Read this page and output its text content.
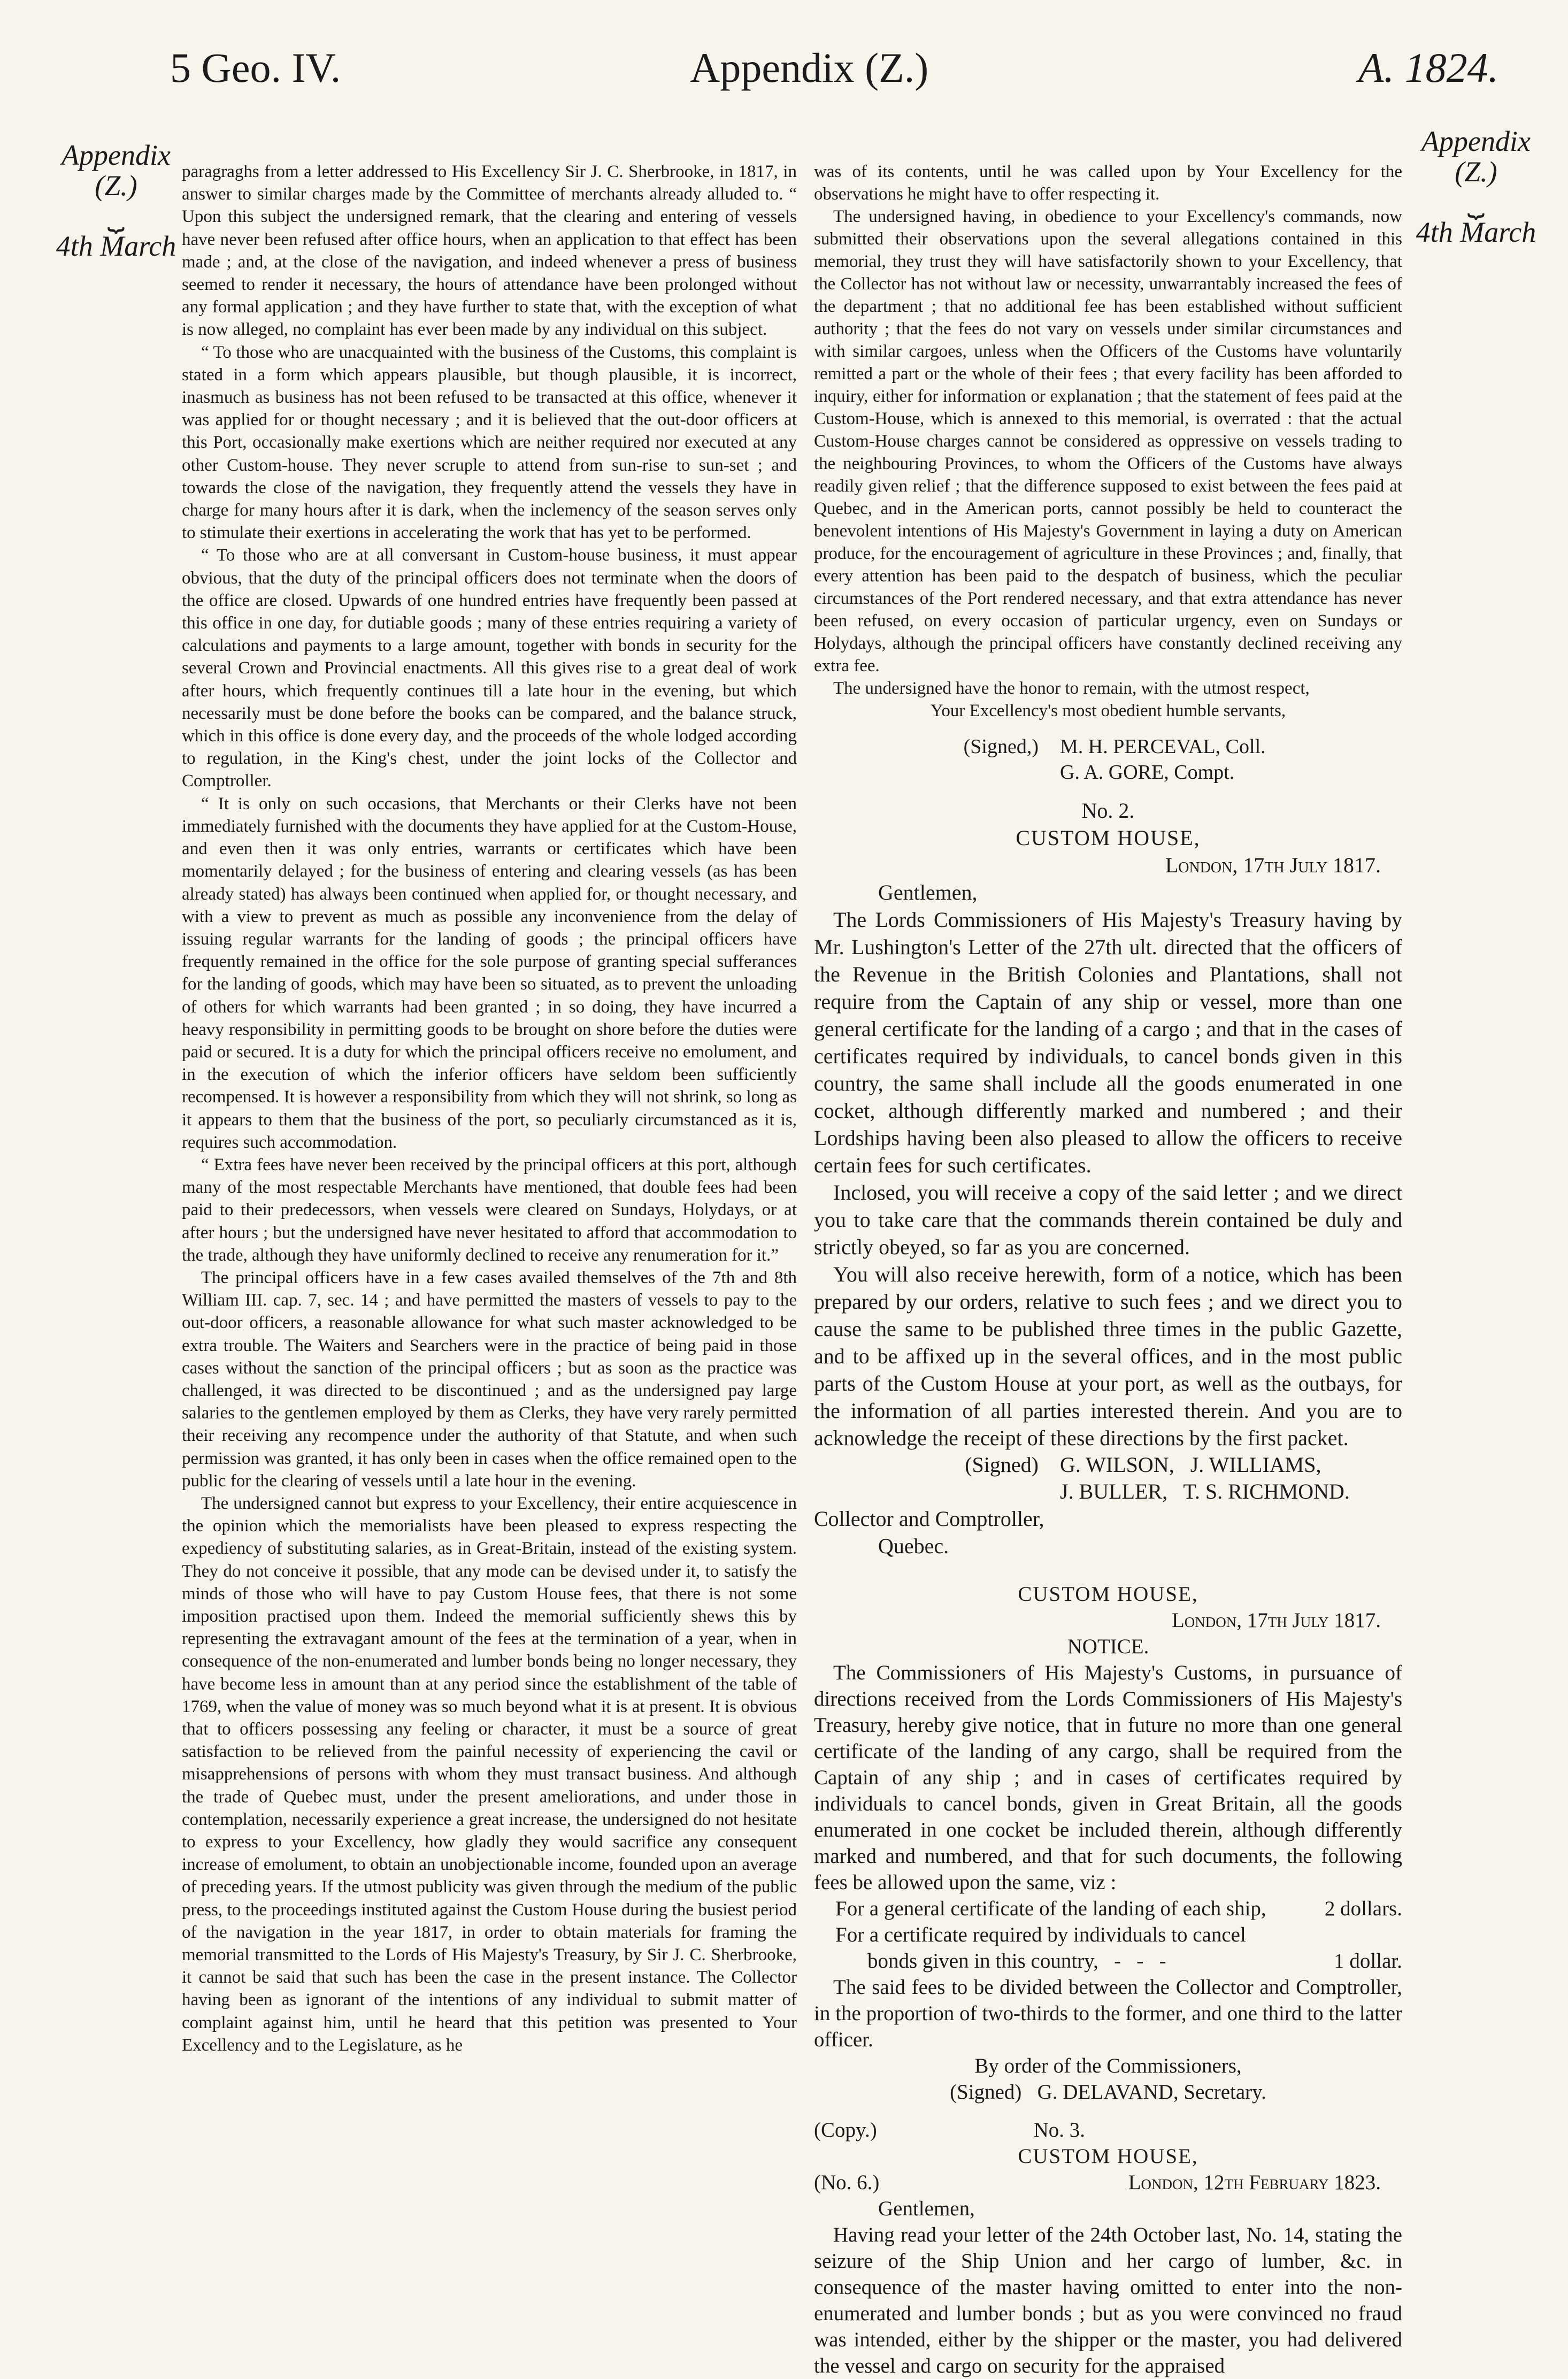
5 Geo. IV.	Appendix (Z.)	A. 1824.
Appendix
(Z.)
⏟
4th March
Appendix
(Z.)
⏟
4th March

paragraghs from a letter addressed to His Excellency Sir J. C. Sherbrooke, in 1817, in answer to similar charges made by the Committee of merchants already alluded to. “ Upon this subject the undersigned remark, that the clearing and entering of vessels have never been refused after office hours, when an application to that effect has been made ; and, at the close of the navigation, and indeed whenever a press of business seemed to render it necessary, the hours of attendance have been prolonged without any formal application ; and they have further to state that, with the exception of what is now alleged, no complaint has ever been made by any individual on this subject.

“ To those who are unacquainted with the business of the Customs, this complaint is stated in a form which appears plausible, but though plausible, it is incorrect, inasmuch as business has not been refused to be transacted at this office, whenever it was applied for or thought necessary ; and it is believed that the out-door officers at this Port, occasionally make exertions which are neither required nor executed at any other Custom-house. They never scruple to attend from sun-rise to sun-set ; and towards the close of the navigation, they frequently attend the vessels they have in charge for many hours after it is dark, when the inclemency of the season serves only to stimulate their exertions in accelerating the work that has yet to be performed.

“ To those who are at all conversant in Custom-house business, it must appear obvious, that the duty of the principal officers does not terminate when the doors of the office are closed. Upwards of one hundred entries have frequently been passed at this office in one day, for dutiable goods ; many of these entries requiring a variety of calculations and payments to a large amount, together with bonds in security for the several Crown and Provincial enactments. All this gives rise to a great deal of work after hours, which frequently continues till a late hour in the evening, but which necessarily must be done before the books can be compared, and the balance struck, which in this office is done every day, and the proceeds of the whole lodged according to regulation, in the King's chest, under the joint locks of the Collector and Comptroller.

“ It is only on such occasions, that Merchants or their Clerks have not been immediately furnished with the documents they have applied for at the Custom-House, and even then it was only entries, warrants or certificates which have been momentarily delayed ; for the business of entering and clearing vessels (as has been already stated) has always been continued when applied for, or thought necessary, and with a view to prevent as much as possible any inconvenience from the delay of issuing regular warrants for the landing of goods ; the principal officers have frequently remained in the office for the sole purpose of granting special sufferances for the landing of goods, which may have been so situated, as to prevent the unloading of others for which warrants had been granted ; in so doing, they have incurred a heavy responsibility in permitting goods to be brought on shore before the duties were paid or secured. It is a duty for which the principal officers receive no emolument, and in the execution of which the inferior officers have seldom been sufficiently recompensed. It is however a responsibility from which they will not shrink, so long as it appears to them that the business of the port, so peculiarly circumstanced as it is, requires such accommodation.

“ Extra fees have never been received by the principal officers at this port, although many of the most respectable Merchants have mentioned, that double fees had been paid to their predecessors, when vessels were cleared on Sundays, Holydays, or at after hours ; but the undersigned have never hesitated to afford that accommodation to the trade, although they have uniformly declined to receive any renumeration for it.”

The principal officers have in a few cases availed themselves of the 7th and 8th William III. cap. 7, sec. 14 ; and have permitted the masters of vessels to pay to the out-door officers, a reasonable allowance for what such master acknowledged to be extra trouble. The Waiters and Searchers were in the practice of being paid in those cases without the sanction of the principal officers ; but as soon as the practice was challenged, it was directed to be discontinued ; and as the undersigned pay large salaries to the gentlemen employed by them as Clerks, they have very rarely permitted their receiving any recompence under the authority of that Statute, and when such permission was granted, it has only been in cases when the office remained open to the public for the clearing of vessels until a late hour in the evening.

The undersigned cannot but express to your Excellency, their entire acquiescence in the opinion which the memorialists have been pleased to express respecting the expediency of substituting salaries, as in Great-Britain, instead of the existing system. They do not conceive it possible, that any mode can be devised under it, to satisfy the minds of those who will have to pay Custom House fees, that there is not some imposition practised upon them. Indeed the memorial sufficiently shews this by representing the extravagant amount of the fees at the termination of a year, when in consequence of the non-enumerated and lumber bonds being no longer necessary, they have become less in amount than at any period since the establishment of the table of 1769, when the value of money was so much beyond what it is at present. It is obvious that to officers possessing any feeling or character, it must be a source of great satisfaction to be relieved from the painful necessity of experiencing the cavil or misapprehensions of persons with whom they must transact business. And although the trade of Quebec must, under the present ameliorations, and under those in contemplation, necessarily experience a great increase, the undersigned do not hesitate to express to your Excellency, how gladly they would sacrifice any consequent increase of emolument, to obtain an unobjectionable income, founded upon an average of preceding years. If the utmost publicity was given through the medium of the public press, to the proceedings instituted against the Custom House during the busiest period of the navigation in the year 1817, in order to obtain materials for framing the memorial transmitted to the Lords of His Majesty's Treasury, by Sir J. C. Sherbrooke, it cannot be said that such has been the case in the present instance. The Collector having been as ignorant of the intentions of any individual to submit matter of complaint against him, until he heard that this petition was presented to Your Excellency and to the Legislature, as he

was of its contents, until he was called upon by Your Excellency for the observations he might have to offer respecting it.

The undersigned having, in obedience to your Excellency's commands, now submitted their observations upon the several allegations contained in this memorial, they trust they will have satisfactorily shown to your Excellency, that the Collector has not without law or necessity, unwarrantably increased the fees of the department ; that no additional fee has been established without sufficient authority ; that the fees do not vary on vessels under similar circumstances and with similar cargoes, unless when the Officers of the Customs have voluntarily remitted a part or the whole of their fees ; that every facility has been afforded to inquiry, either for information or explanation ; that the statement of fees paid at the Custom-House, which is annexed to this memorial, is overrated : that the actual Custom-House charges cannot be considered as oppressive on vessels trading to the neighbouring Provinces, to whom the Officers of the Customs have always readily given relief ; that the difference supposed to exist between the fees paid at Quebec, and in the American ports, cannot possibly be held to counteract the benevolent intentions of His Majesty's Government in laying a duty on American produce, for the encouragement of agriculture in these Provinces ; and, finally, that every attention has been paid to the despatch of business, which the peculiar circumstances of the Port rendered necessary, and that extra attendance has never been refused, on every occasion of particular urgency, even on Sundays or Holydays, although the principal officers have constantly declined receiving any extra fee.

The undersigned have the honor to remain, with the utmost respect,

Your Excellency's most obedient humble servants,
(Signed,)	M. H. PERCEVAL, Coll.
G. A. GORE, Compt.
No. 2.
CUSTOM HOUSE,
London, 17th July 1817.
Gentlemen,

The Lords Commissioners of His Majesty's Treasury having by Mr. Lushington's Letter of the 27th ult. directed that the officers of the Revenue in the British Colonies and Plantations, shall not require from the Captain of any ship or vessel, more than one general certificate for the landing of a cargo ; and that in the cases of certificates required by individuals, to cancel bonds given in this country, the same shall include all the goods enumerated in one cocket, although differently marked and numbered ; and their Lordships having been also pleased to allow the officers to receive certain fees for such certificates.

Inclosed, you will receive a copy of the said letter ; and we direct you to take care that the commands therein contained be duly and strictly obeyed, so far as you are concerned.

You will also receive herewith, form of a notice, which has been prepared by our orders, relative to such fees ; and we direct you to cause the same to be published three times in the public Gazette, and to be affixed up in the several offices, and in the most public parts of the Custom House at your port, as well as the outbays, for the information of all parties interested therein. And you are to acknowledge the receipt of these directions by the first packet.

(Signed)	G. WILSON,   J. WILLIAMS,
J. BULLER,   T. S. RICHMOND.
Collector and Comptroller,
Quebec.
CUSTOM HOUSE,
London, 17th July 1817.
NOTICE.

The Commissioners of His Majesty's Customs, in pursuance of directions received from the Lords Commissioners of His Majesty's Treasury, hereby give notice, that in future no more than one general certificate of the landing of any cargo, shall be required from the Captain of any ship ; and in cases of certificates required by individuals to cancel bonds, given in Great Britain, all the goods enumerated in one cocket be included therein, although differently marked and numbered, and that for such documents, the following fees be allowed upon the same, viz :

For a general certificate of the landing of each ship,	2 dollars.
For a certificate required by individuals to cancel
bonds given in this country,   -   -   -	1 dollar.

The said fees to be divided between the Collector and Comptroller, in the proportion of two-thirds to the former, and one third to the latter officer.

By order of the Commissioners,
(Signed)   G. DELAVAND, Secretary.
(Copy.)	No. 3.
CUSTOM HOUSE,
(No. 6.)	London, 12th February 1823.
Gentlemen,

Having read your letter of the 24th October last, No. 14, stating the seizure of the Ship Union and her cargo of lumber, &c. in consequence of the master having omitted to enter into the non-enumerated and lumber bonds ; but as you were convinced no fraud was intended, either by the shipper or the master, you had delivered the vessel and cargo on security for the appraised
